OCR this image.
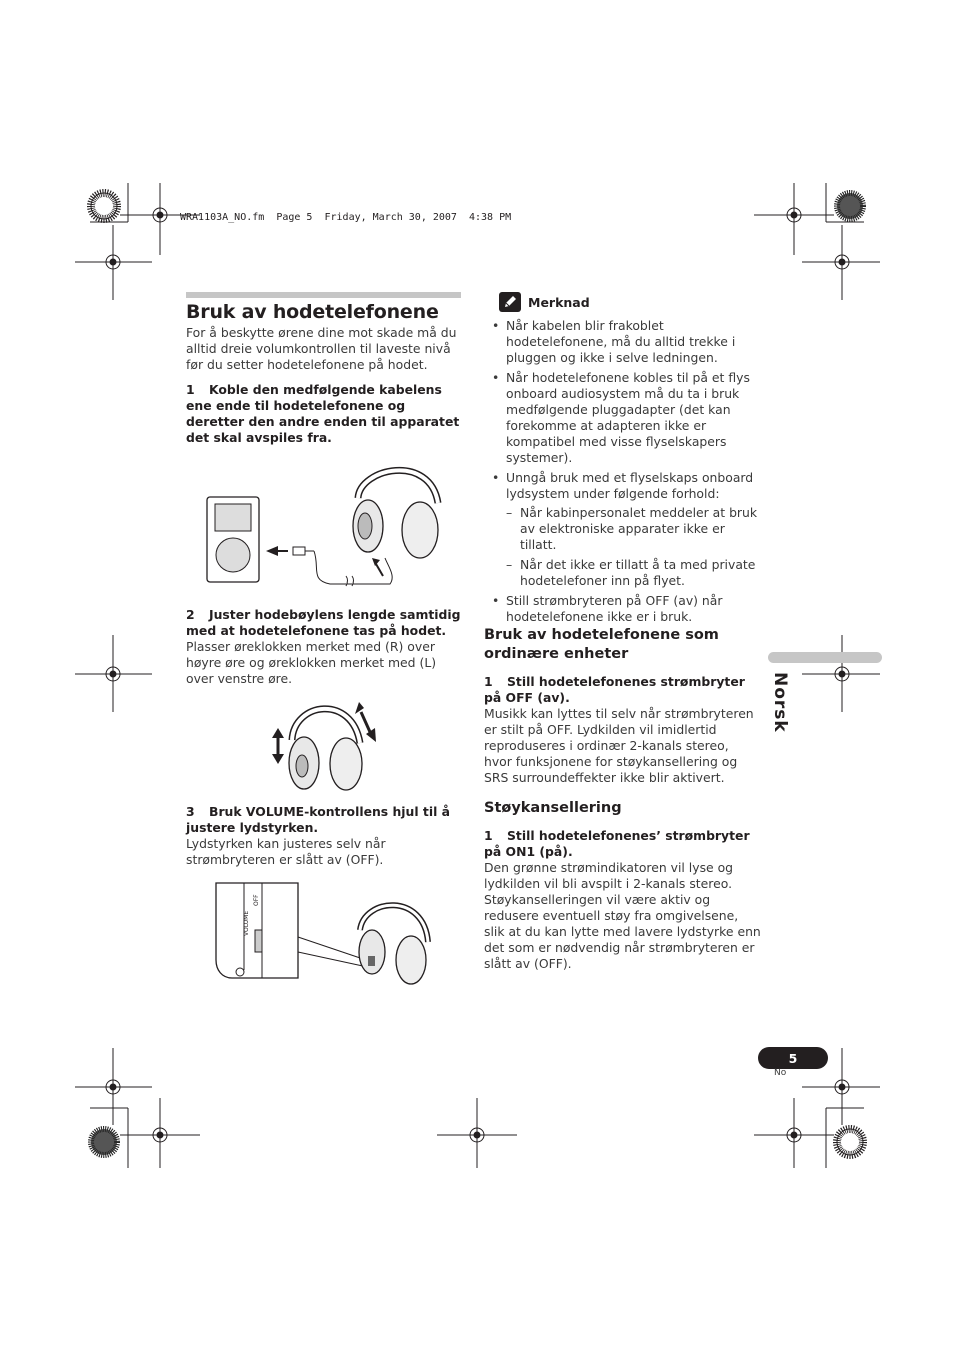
WRA1103A_NO.fm  Page 5  Friday, March 30, 2007  4:38 PM
Bruk av hodetelefonene
For å beskytte ørene dine mot skade må du alltid dreie volumkontrollen til laveste nivå før du setter hodetelefonene på hodet.
1 Koble den medfølgende kabelens ene ende til hodetelefonene og deretter den andre enden til apparatet det skal avspiles fra.
2 Juster hodebøylens lengde samtidig med at hodetelefonene tas på hodet.
Plasser øreklokken merket med (R) over høyre øre og øreklokken merket med (L) over venstre øre.
3 Bruk VOLUME-kontrollens hjul til å justere lydstyrken.
Lydstyrken kan justeres selv når strømbryteren er slått av (OFF).
VOLUME
OFF
Merknad
• Når kabelen blir frakoblet hodetelefonene, må du alltid trekke i pluggen og ikke i selve ledningen.
• Når hodetelefonene kobles til på et flys onboard audiosystem må du ta i bruk medfølgende pluggadapter (det kan forekomme at adapteren ikke er kompatibel med visse flyselskapers systemer).
• Unngå bruk med et flyselskaps onboard lydsystem under følgende forhold:
– Når kabinpersonalet meddeler at bruk av elektroniske apparater ikke er tillatt.
– Når det ikke er tillatt å ta med private hodetelefoner inn på flyet.
• Still strømbryteren på OFF (av) når hodetelefonene ikke er i bruk.
Bruk av hodetelefonene som ordinære enheter
1 Still hodetelefonenes strømbryter på OFF (av).
Musikk kan lyttes til selv når strømbryteren er stilt på OFF. Lydkilden vil imidlertid reproduseres i ordinær 2-kanals stereo, hvor funksjonene for støykansellering og SRS surroundeffekter ikke blir aktivert.
Støykansellering
1 Still hodetelefonenes’ strømbryter på ON1 (på).
Den grønne strømindikatoren vil lyse og lydkilden vil bli avspilt i 2-kanals stereo. Støykanselleringen vil være aktiv og redusere eventuell støy fra omgivelsene, slik at du kan lytte med lavere lydstyrke enn det som er nødvendig når strømbryteren er slått av (OFF).
Norsk
5
No
